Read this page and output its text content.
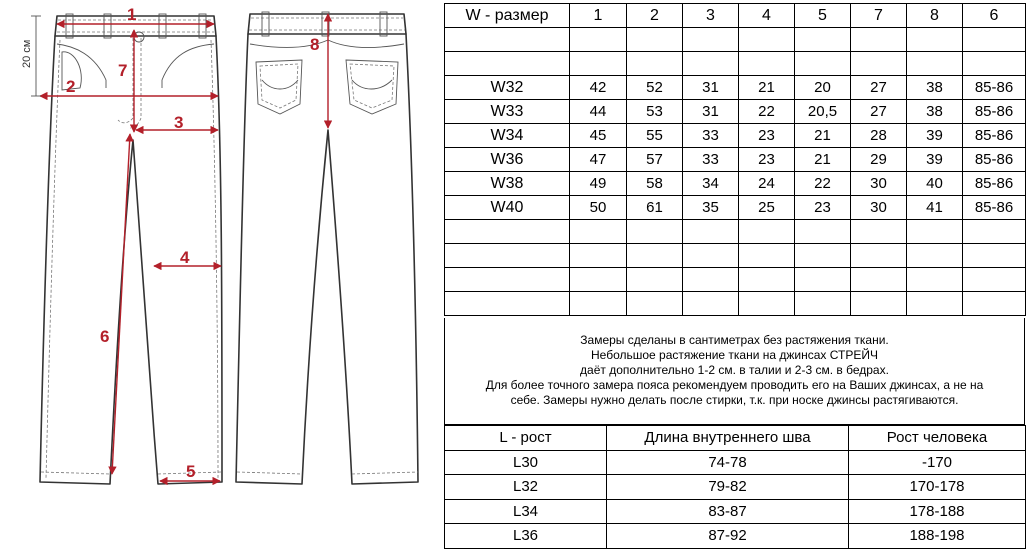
20 см
1
2
3
4
5
6
7
8
W - размер	1	2	3	4	5	7	8	6

W32	42	52	31	21	20	27	38	85-86
W33	44	53	31	22	20,5	27	38	85-86
W34	45	55	33	23	21	28	39	85-86
W36	47	57	33	23	21	29	39	85-86
W38	49	58	34	24	22	30	40	85-86
W40	50	61	35	25	23	30	41	85-86

Замеры сделаны в сантиметрах без растяжения ткани.
Небольшое растяжение ткани на джинсах СТРЕЙЧ
даёт дополнительно 1-2 см. в талии и 2-3 см. в бедрах.
Для более точного замера пояса рекомендуем проводить его на Ваших джинсах, а не на
себе. Замеры нужно делать после стирки, т.к. при носке джинсы растягиваются.
L - рост	Длина внутреннего шва	Рост человека
L30	74-78	-170
L32	79-82	170-178
L34	83-87	178-188
L36	87-92	188-198
